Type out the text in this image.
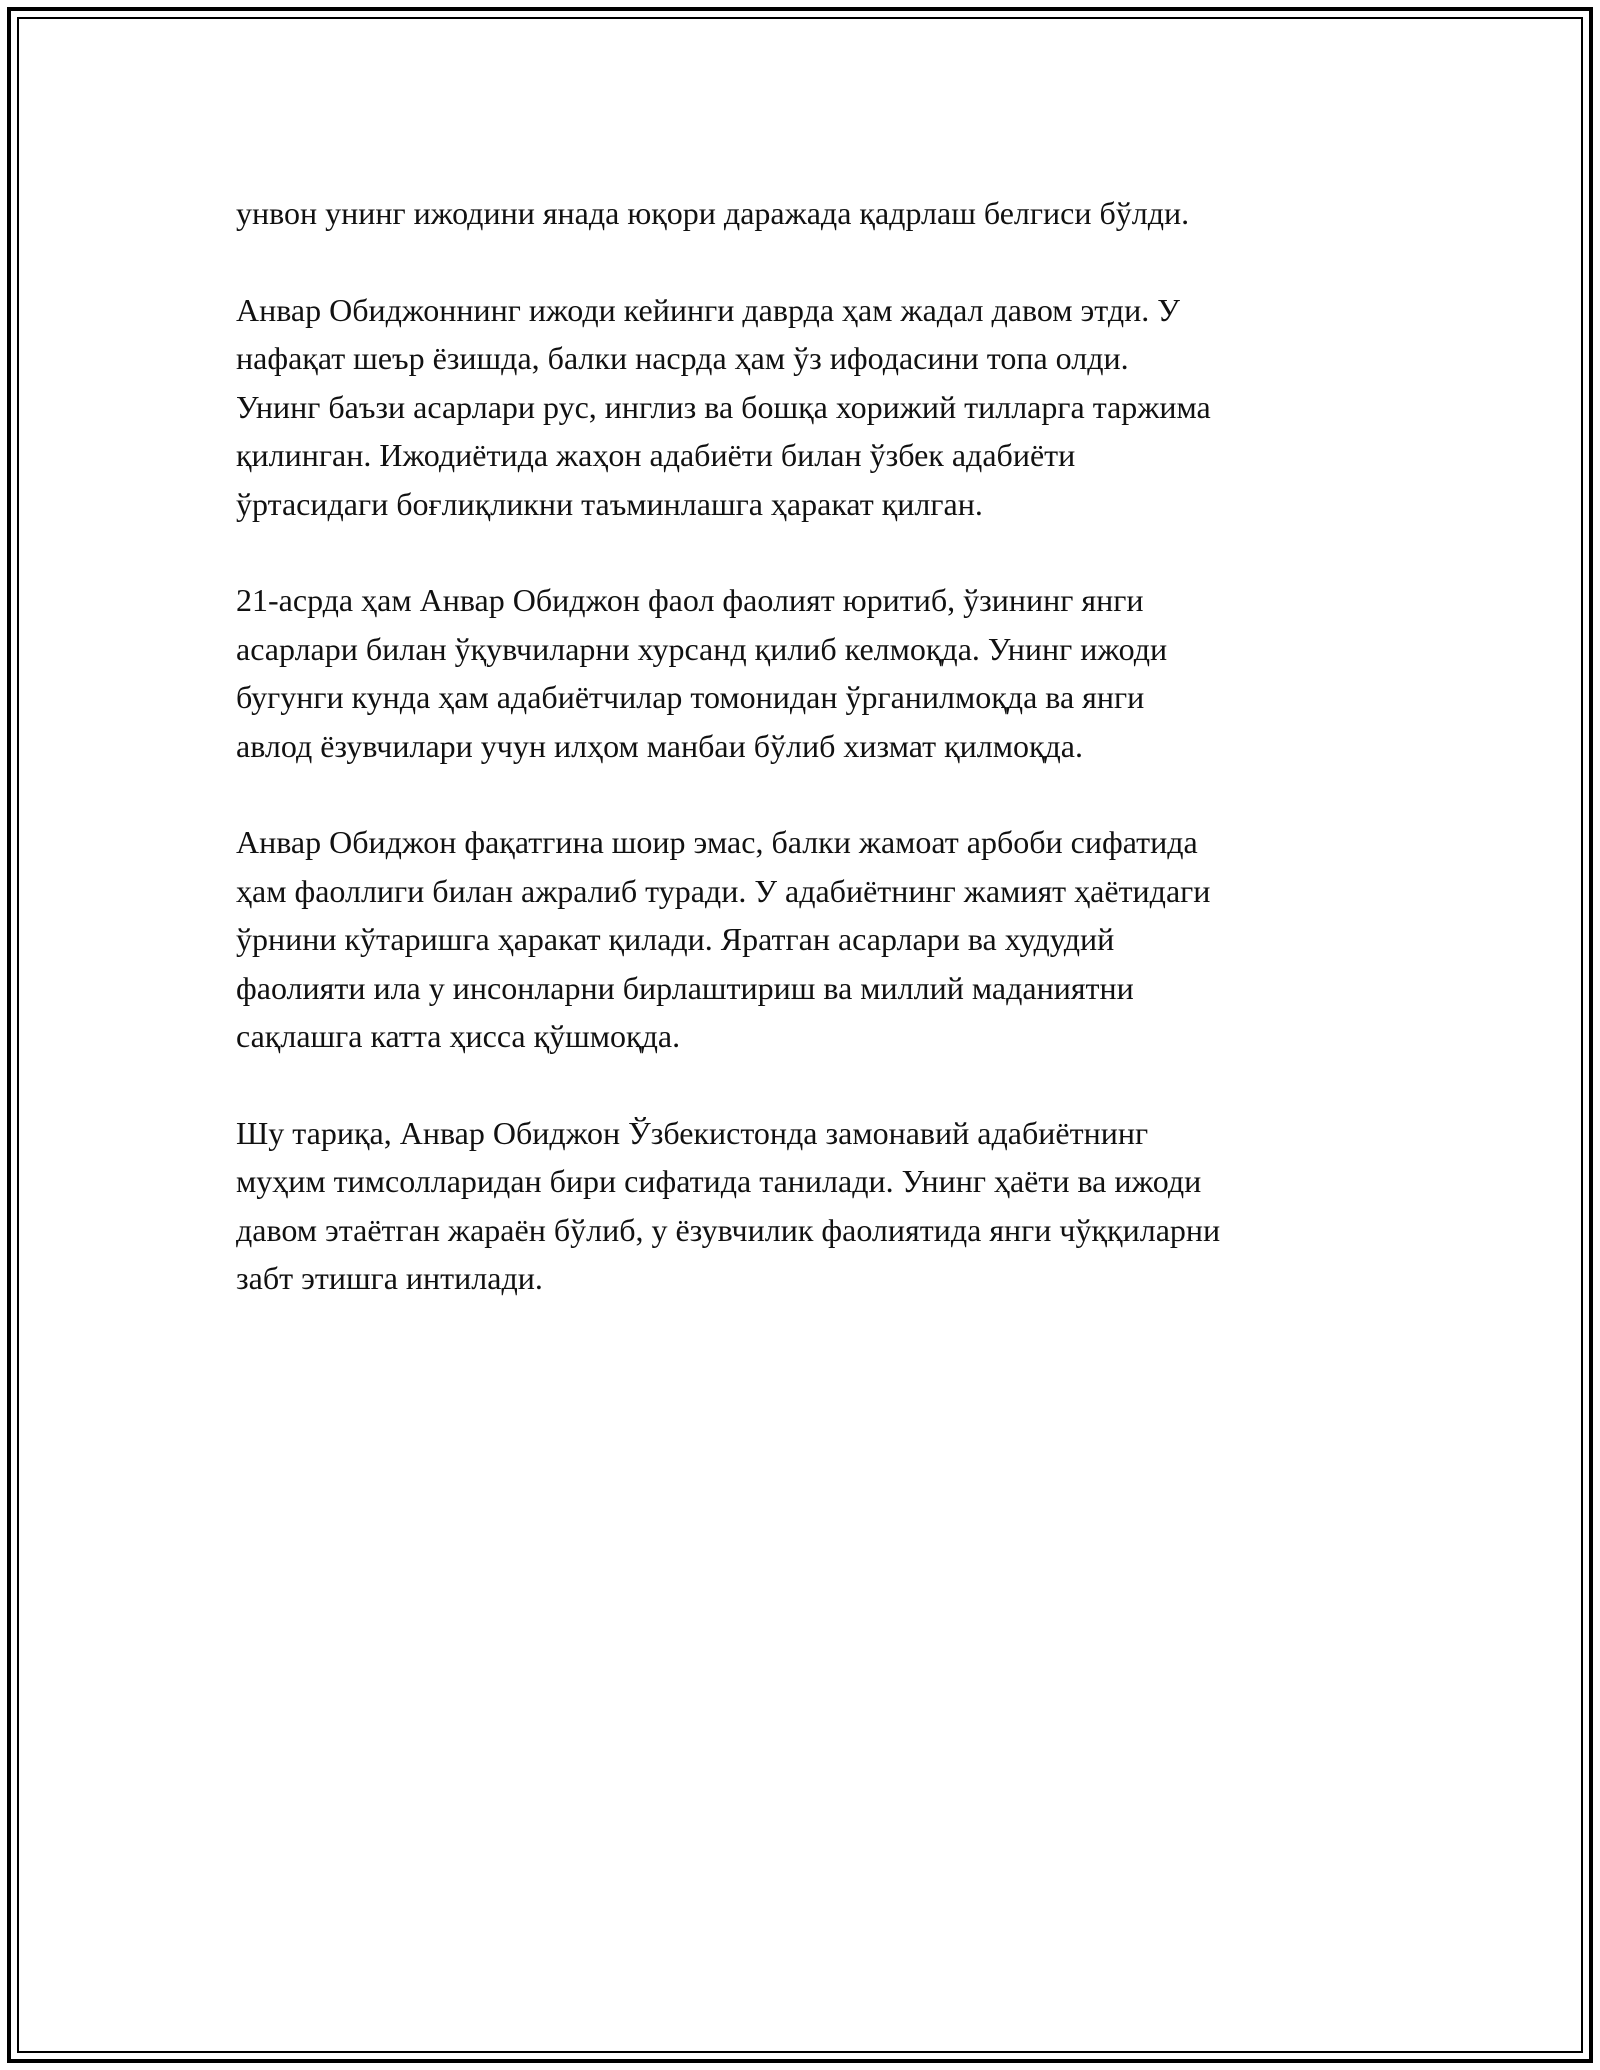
унвон унинг ижодини янада юқори даражада қадрлаш белгиси бўлди.

Анвар Обиджоннинг ижоди кейинги даврда ҳам жадал давом этди. У
нафақат шеър ёзишда, балки насрда ҳам ўз ифодасини топа олди.
Унинг баъзи асарлари рус, инглиз ва бошқа хорижий тилларга таржима
қилинган. Ижодиётида жаҳон адабиёти билан ўзбек адабиёти
ўртасидаги боғлиқликни таъминлашга ҳаракат қилган.

21-асрда ҳам Анвар Обиджон фаол фаолият юритиб, ўзининг янги
асарлари билан ўқувчиларни хурсанд қилиб келмоқда. Унинг ижоди
бугунги кунда ҳам адабиётчилар томонидан ўрганилмоқда ва янги
авлод ёзувчилари учун илҳом манбаи бўлиб хизмат қилмоқда.

Анвар Обиджон фақатгина шоир эмас, балки жамоат арбоби сифатида
ҳам фаоллиги билан ажралиб туради. У адабиётнинг жамият ҳаётидаги
ўрнини кўтаришга ҳаракат қилади. Яратган асарлари ва худудий
фаолияти ила у инсонларни бирлаштириш ва миллий маданиятни
сақлашга катта ҳисса қўшмоқда.

Шу тариқа, Анвар Обиджон Ўзбекистонда замонавий адабиётнинг
муҳим тимсолларидан бири сифатида танилади. Унинг ҳаёти ва ижоди
давом этаётган жараён бўлиб, у ёзувчилик фаолиятида янги чўққиларни
забт этишга интилади.
